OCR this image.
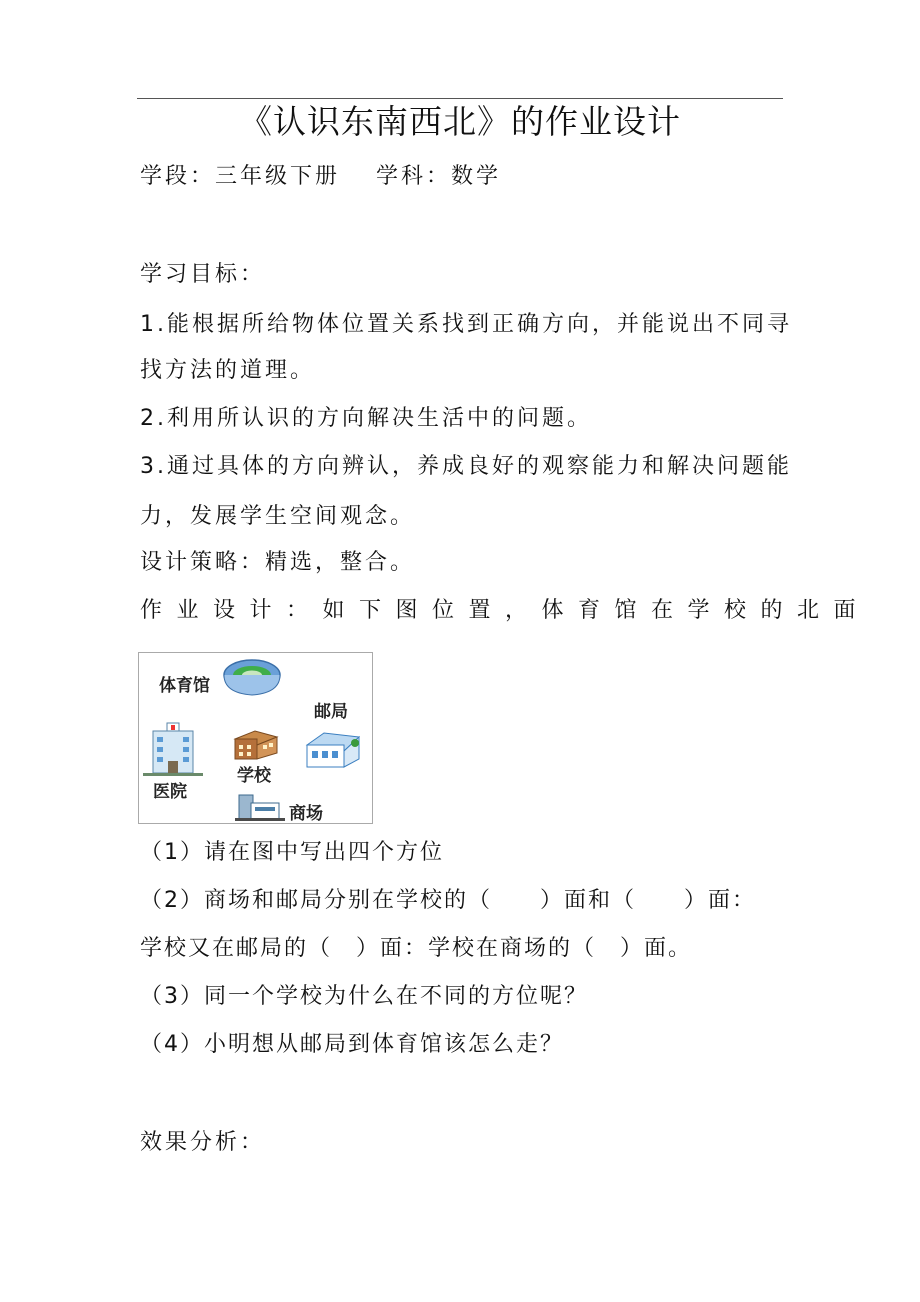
《认识东南西北》的作业设计
学段：三年级下册 学科：数学
学习目标：
1.能根据所给物体位置关系找到正确方向，并能说出不同寻
找方法的道理。
2.利用所认识的方向解决生活中的问题。
3.通过具体的方向辨认，养成良好的观察能力和解决问题能
力，发展学生空间观念。
设计策略：精选，整合。
作业设计：如下图位置，体育馆在学校的北面
体育馆
邮局
医院
学校
商场
（1）请在图中写出四个方位
（2）商场和邮局分别在学校的（　　）面和（　　）面：
学校又在邮局的（　）面：学校在商场的（　）面。
（3）同一个学校为什么在不同的方位呢？
（4）小明想从邮局到体育馆该怎么走？
效果分析：
